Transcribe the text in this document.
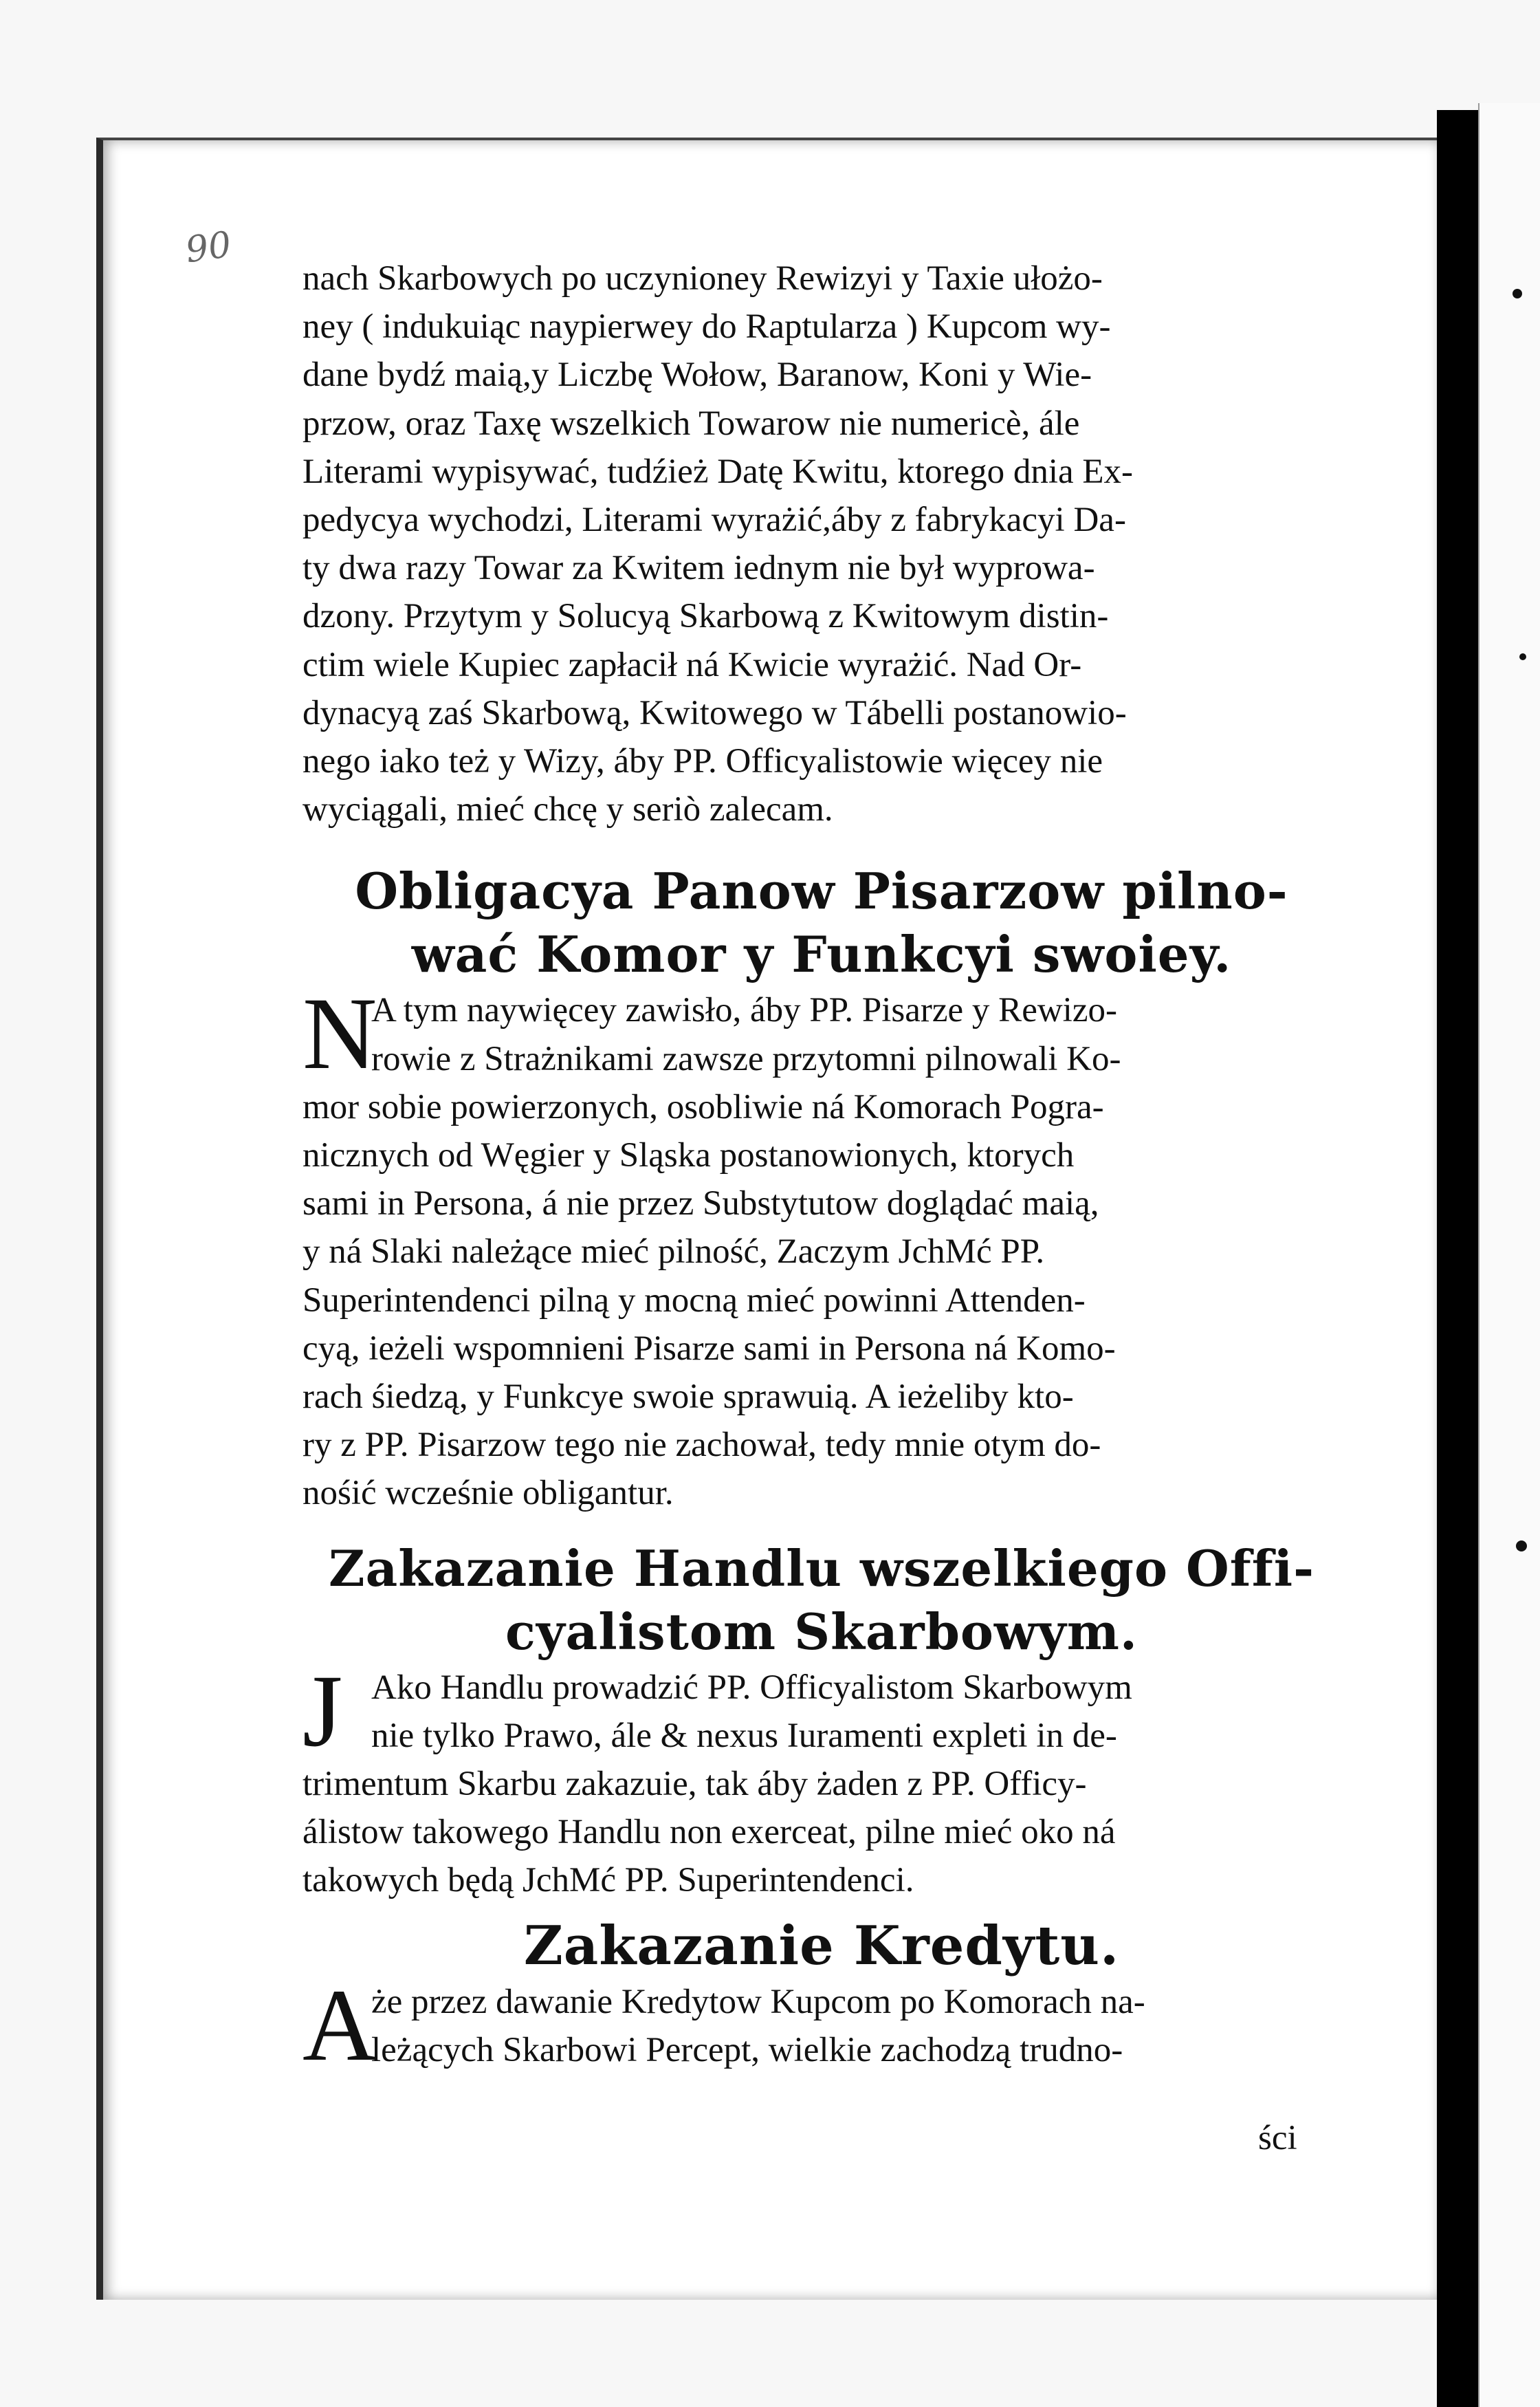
90
nach Skarbowych po uczynioney Rewizyi y Taxie ułożo-
ney ( indukuiąc naypierwey do Raptularza ) Kupcom wy-
dane bydź maią,y Liczbę Wołow, Baranow, Koni y Wie-
przow, oraz Taxę wszelkich Towarow nie numericè, ále
Literami wypisywać, tudźież Datę Kwitu, ktorego dnia Ex-
pedycya wychodzi, Literami wyrażić,áby z fabrykacyi Da-
ty dwa razy Towar za Kwitem iednym nie był wyprowa-
dzony. Przytym y Solucyą Skarbową z Kwitowym distin-
ctim wiele Kupiec zapłacił ná Kwicie wyrażić. Nad Or-
dynacyą zaś Skarbową, Kwitowego w Tábelli postanowio-
nego iako też y Wizy, áby PP. Officyalistowie więcey nie
wyciągali, mieć chcę y seriò zalecam.
Obligacya Panow Pisarzow pilno-
wać Komor y Funkcyi swoiey.
N
A tym naywięcey zawisło, áby PP. Pisarze y Rewizo-
rowie z Strażnikami zawsze przytomni pilnowali Ko-
mor sobie powierzonych, osobliwie ná Komorach Pogra-
nicznych od Węgier y Sląska postanowionych, ktorych
sami in Persona, á nie przez Substytutow doglądać maią,
y ná Slaki należące mieć pilność, Zaczym JchMć PP.
Superintendenci pilną y mocną mieć powinni Attenden-
cyą, ieżeli wspomnieni Pisarze sami in Persona ná Komo-
rach śiedzą, y Funkcye swoie sprawuią. A ieżeliby kto-
ry z PP. Pisarzow tego nie zachował, tedy mnie otym do-
nośić wcześnie obligantur.
Zakazanie Handlu wszelkiego Offi-
cyalistom Skarbowym.
J Ako Handlu prowadzić PP. Officyalistom Skarbowym
nie tylko Prawo, ále & nexus Iuramenti expleti in de-
trimentum Skarbu zakazuie, tak áby żaden z PP. Officy-
álistow takowego Handlu non exerceat, pilne mieć oko ná
takowych będą JchMć PP. Superintendenci.
Zakazanie Kredytu.
A
że przez dawanie Kredytow Kupcom po Komorach na-
leżących Skarbowi Percept, wielkie zachodzą trudno-
ści
